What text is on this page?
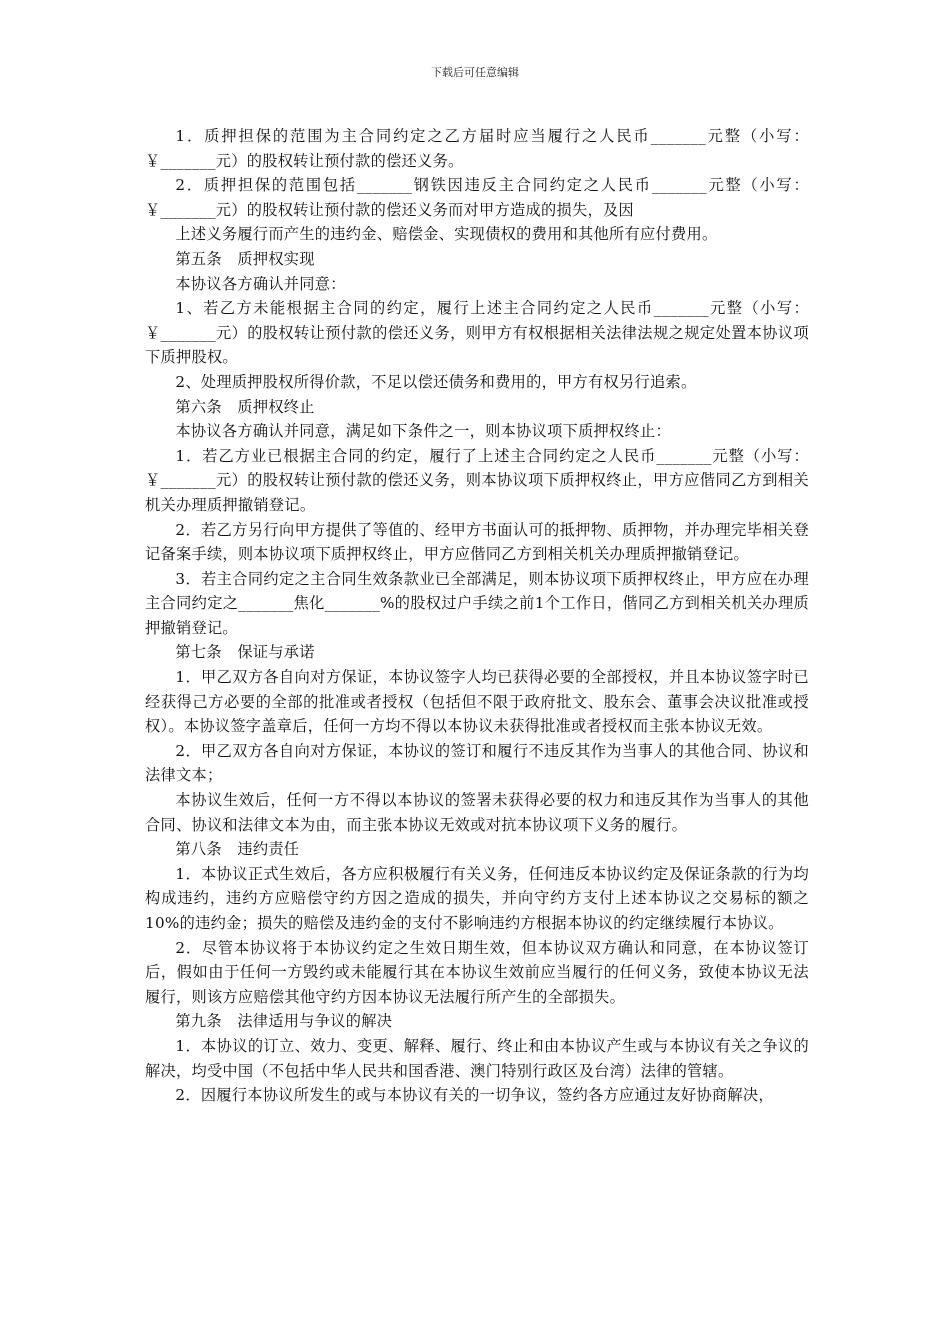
下载后可任意编辑

1．质押担保的范围为主合同约定之乙方届时应当履行之人民币_______元整（小写：￥_______元）的股权转让预付款的偿还义务。

2．质押担保的范围包括_______钢铁因违反主合同约定之人民币_______元整（小写：￥_______元）的股权转让预付款的偿还义务而对甲方造成的损失，及因

上述义务履行而产生的违约金、赔偿金、实现债权的费用和其他所有应付费用。

第五条　质押权实现

本协议各方确认并同意：

1、若乙方未能根据主合同的约定，履行上述主合同约定之人民币_______元整（小写：￥_______元）的股权转让预付款的偿还义务，则甲方有权根据相关法律法规之规定处置本协议项下质押股权。

2、处理质押股权所得价款，不足以偿还债务和费用的，甲方有权另行追索。

第六条　质押权终止

本协议各方确认并同意，满足如下条件之一，则本协议项下质押权终止：

1．若乙方业已根据主合同的约定，履行了上述主合同约定之人民币_______元整（小写：￥_______元）的股权转让预付款的偿还义务，则本协议项下质押权终止，甲方应偕同乙方到相关机关办理质押撤销登记。

2．若乙方另行向甲方提供了等值的、经甲方书面认可的抵押物、质押物，并办理完毕相关登记备案手续，则本协议项下质押权终止，甲方应偕同乙方到相关机关办理质押撤销登记。

3．若主合同约定之主合同生效条款业已全部满足，则本协议项下质押权终止，甲方应在办理主合同约定之_______焦化_______%的股权过户手续之前1个工作日，偕同乙方到相关机关办理质押撤销登记。

第七条　保证与承诺

1．甲乙双方各自向对方保证，本协议签字人均已获得必要的全部授权，并且本协议签字时已经获得己方必要的全部的批准或者授权（包括但不限于政府批文、股东会、董事会决议批准或授权）。本协议签字盖章后，任何一方均不得以本协议未获得批准或者授权而主张本协议无效。

2．甲乙双方各自向对方保证，本协议的签订和履行不违反其作为当事人的其他合同、协议和法律文本；

本协议生效后，任何一方不得以本协议的签署未获得必要的权力和违反其作为当事人的其他合同、协议和法律文本为由，而主张本协议无效或对抗本协议项下义务的履行。

第八条　违约责任

1．本协议正式生效后，各方应积极履行有关义务，任何违反本协议约定及保证条款的行为均构成违约，违约方应赔偿守约方因之造成的损失，并向守约方支付上述本协议之交易标的额之10%的违约金；损失的赔偿及违约金的支付不影响违约方根据本协议的约定继续履行本协议。

2．尽管本协议将于本协议约定之生效日期生效，但本协议双方确认和同意，在本协议签订后，假如由于任何一方毁约或未能履行其在本协议生效前应当履行的任何义务，致使本协议无法履行，则该方应赔偿其他守约方因本协议无法履行所产生的全部损失。

第九条　法律适用与争议的解决

1．本协议的订立、效力、变更、解释、履行、终止和由本协议产生或与本协议有关之争议的解决，均受中国（不包括中华人民共和国香港、澳门特别行政区及台湾）法律的管辖。

2．因履行本协议所发生的或与本协议有关的一切争议，签约各方应通过友好协商解决，
